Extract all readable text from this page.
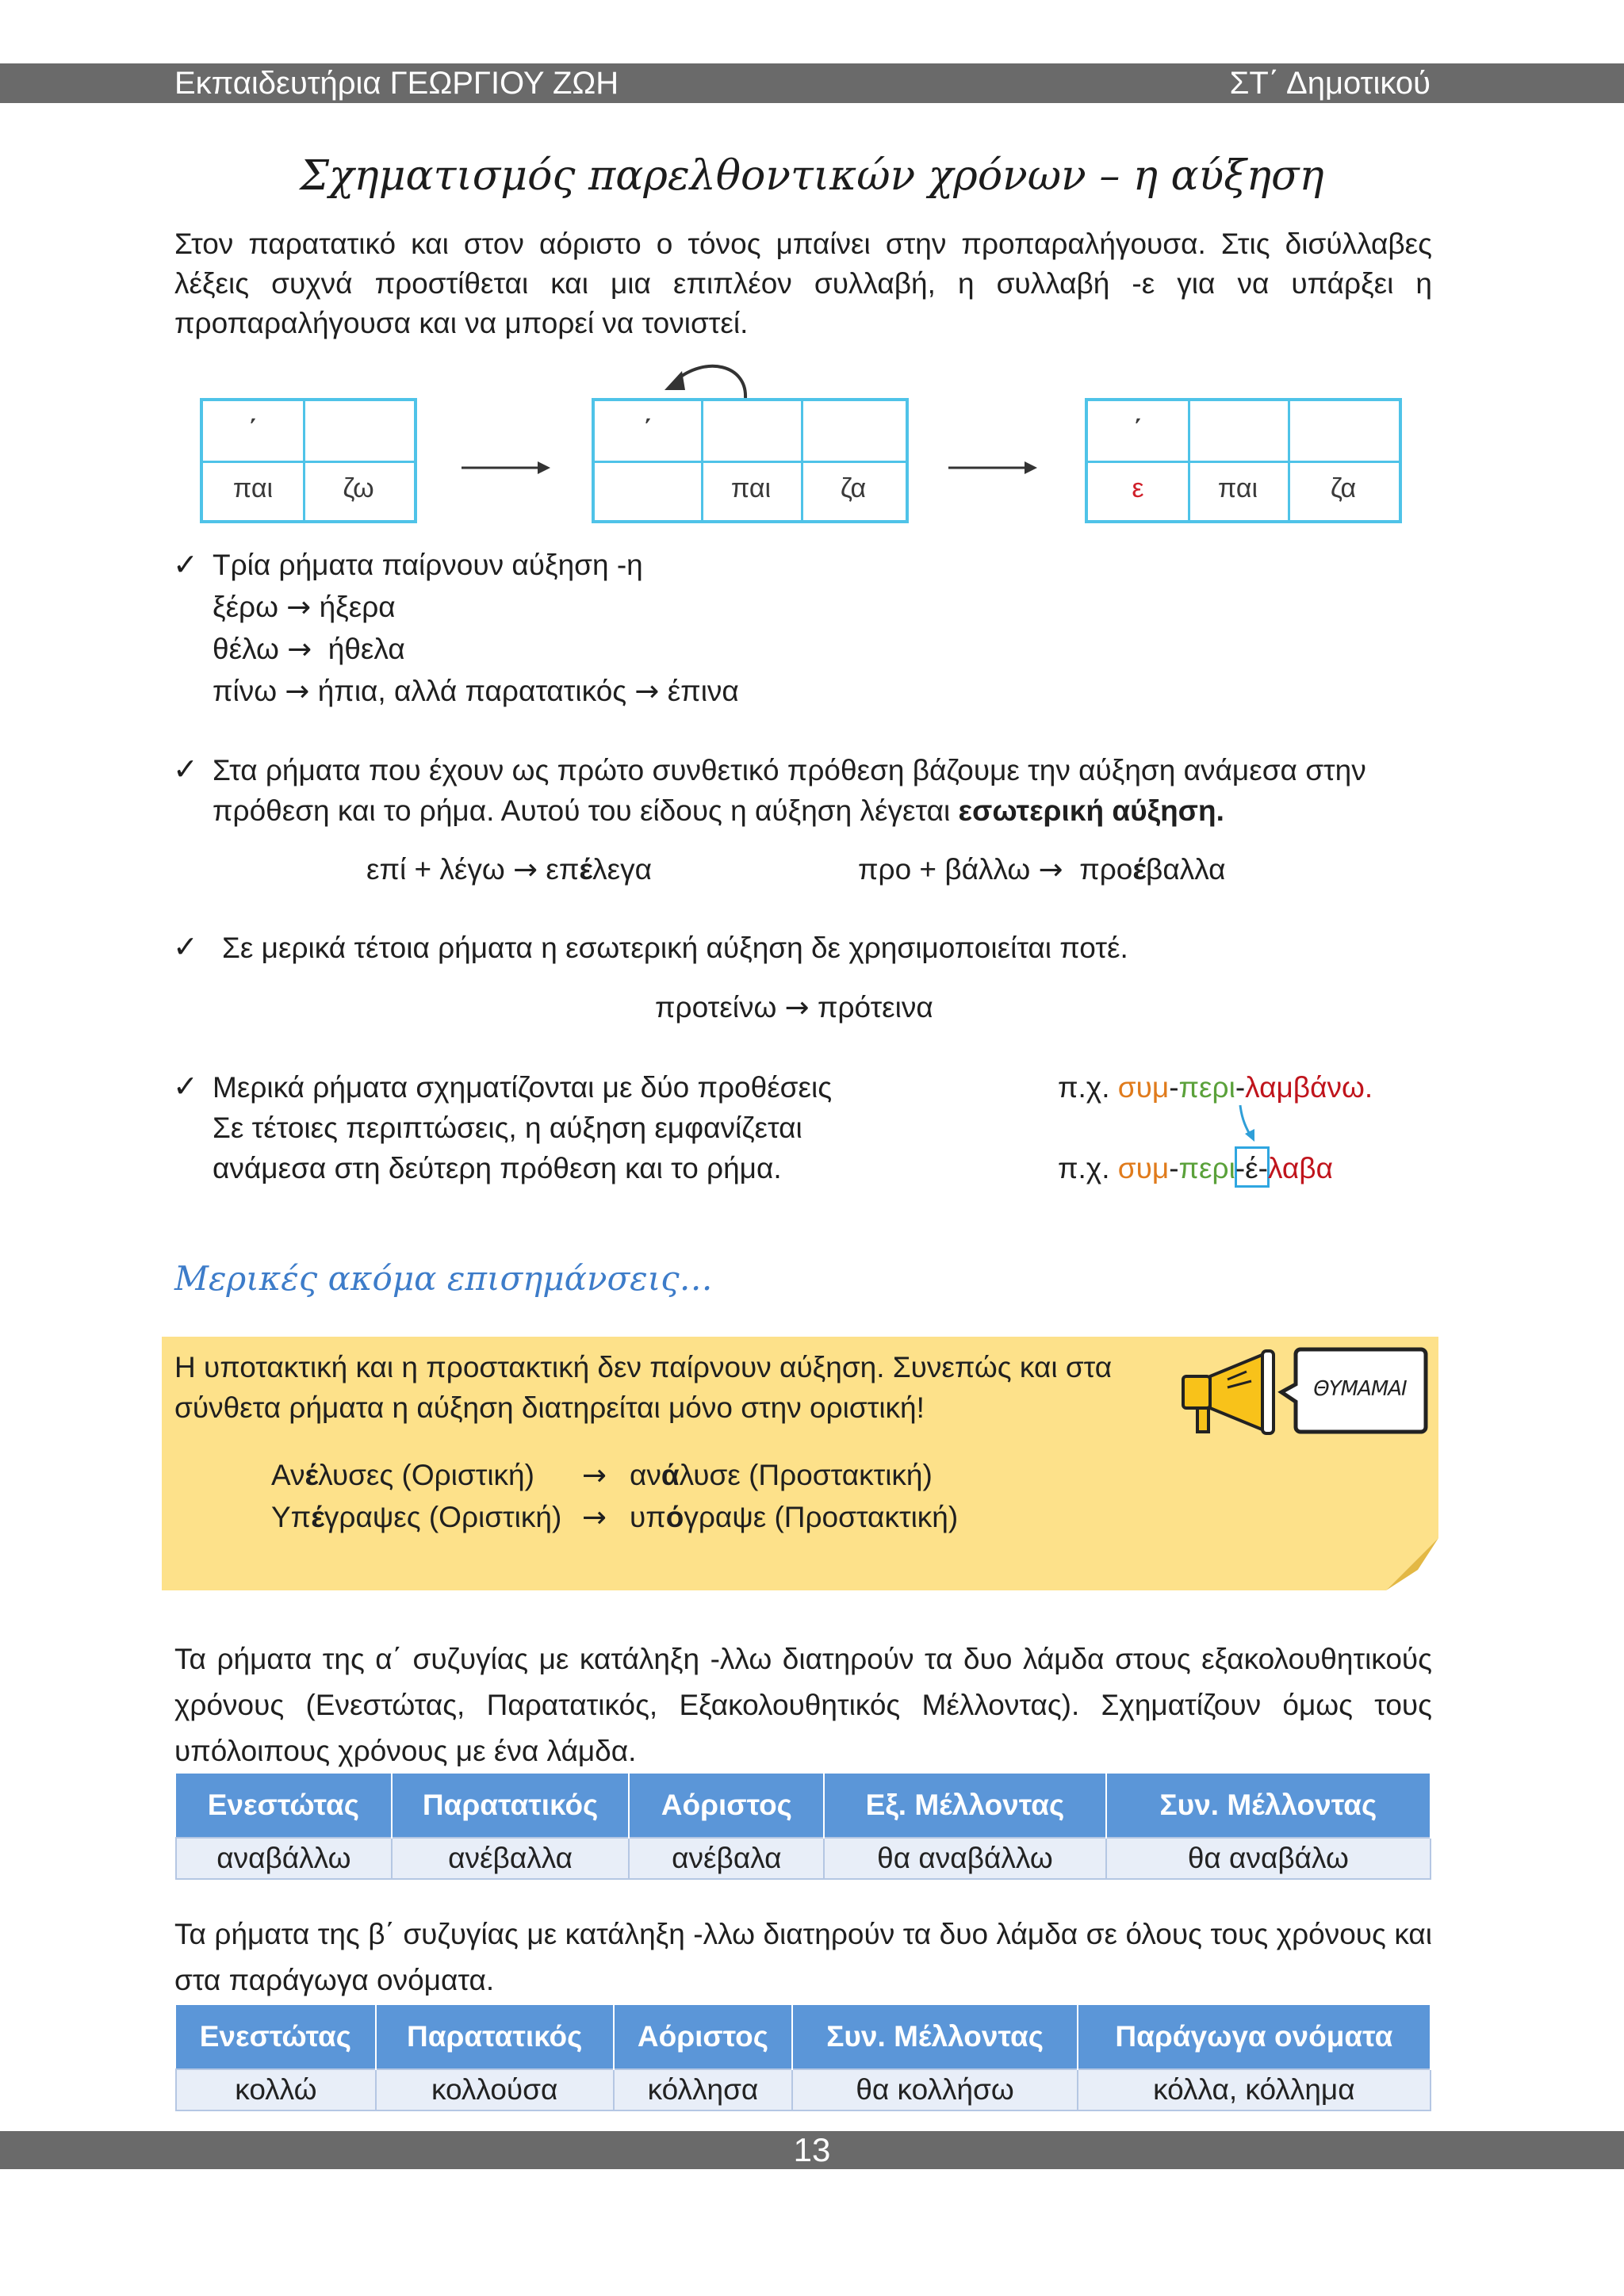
Εκπαιδευτήρια ΓΕΩΡΓΙΟΥ ΖΩΗ	ΣΤ΄ Δημοτικού
Σχηματισμός παρελθοντικών χρόνων – η αύξηση
Στον παρατατικό και στον αόριστο ο τόνος μπαίνει στην προπαραλήγουσα. Στις δισύλλαβες λέξεις συχνά προστίθεται και μια επιπλέον συλλαβή, η συλλαβή -ε για να υπάρξει η προπαραλήγουσα και να μπορεί να τονιστεί.
΄
παι	ζω
΄
παι	ζα
΄
ε	παι	ζα
✓ Τρία ρήματα παίρνουν αύξηση -η
ξέρω → ήξερα
θέλω → ήθελα
πίνω → ήπια, αλλά παρατατικός → έπινα
✓ Στα ρήματα που έχουν ως πρώτο συνθετικό πρόθεση βάζουμε την αύξηση ανάμεσα στην
πρόθεση και το ρήμα. Αυτού του είδους η αύξηση λέγεται εσωτερική αύξηση.
επί + λέγω → επέλεγα	προ + βάλλω → προέβαλλα
✓ Σε μερικά τέτοια ρήματα η εσωτερική αύξηση δε χρησιμοποιείται ποτέ.
προτείνω → πρότεινα
✓ Μερικά ρήματα σχηματίζονται με δύο προθέσεις
Σε τέτοιες περιπτώσεις, η αύξηση εμφανίζεται
ανάμεσα στη δεύτερη πρόθεση και το ρήμα.
π.χ. συμ-περι-λαμβάνω.
π.χ. συμ-περι-έ-λαβα
Μερικές ακόμα επισημάνσεις…
Η υποτακτική και η προστακτική δεν παίρνουν αύξηση. Συνεπώς και στα
σύνθετα ρήματα η αύξηση διατηρείται μόνο στην οριστική!
Ανέλυσες (Οριστική) → ανάλυσε (Προστακτική)
Υπέγραψες (Οριστική) → υπόγραψε (Προστακτική)
ΘΥΜΑΜΑΙ
Τα ρήματα της α΄ συζυγίας με κατάληξη -λλω διατηρούν τα δυο λάμδα στους εξακολουθητικούς χρόνους (Ενεστώτας, Παρατατικός, Εξακολουθητικός Μέλλοντας). Σχηματίζουν όμως τους υπόλοιπους χρόνους με ένα λάμδα.
Ενεστώτας	Παρατατικός	Αόριστος	Εξ. Μέλλοντας	Συν. Μέλλοντας
αναβάλλω	ανέβαλλα	ανέβαλα	θα αναβάλλω	θα αναβάλω
Τα ρήματα της β΄ συζυγίας με κατάληξη -λλω διατηρούν τα δυο λάμδα σε όλους τους χρόνους και στα παράγωγα ονόματα.
Ενεστώτας	Παρατατικός	Αόριστος	Συν. Μέλλοντας	Παράγωγα ονόματα
κολλώ	κολλούσα	κόλλησα	θα κολλήσω	κόλλα, κόλλημα
13
